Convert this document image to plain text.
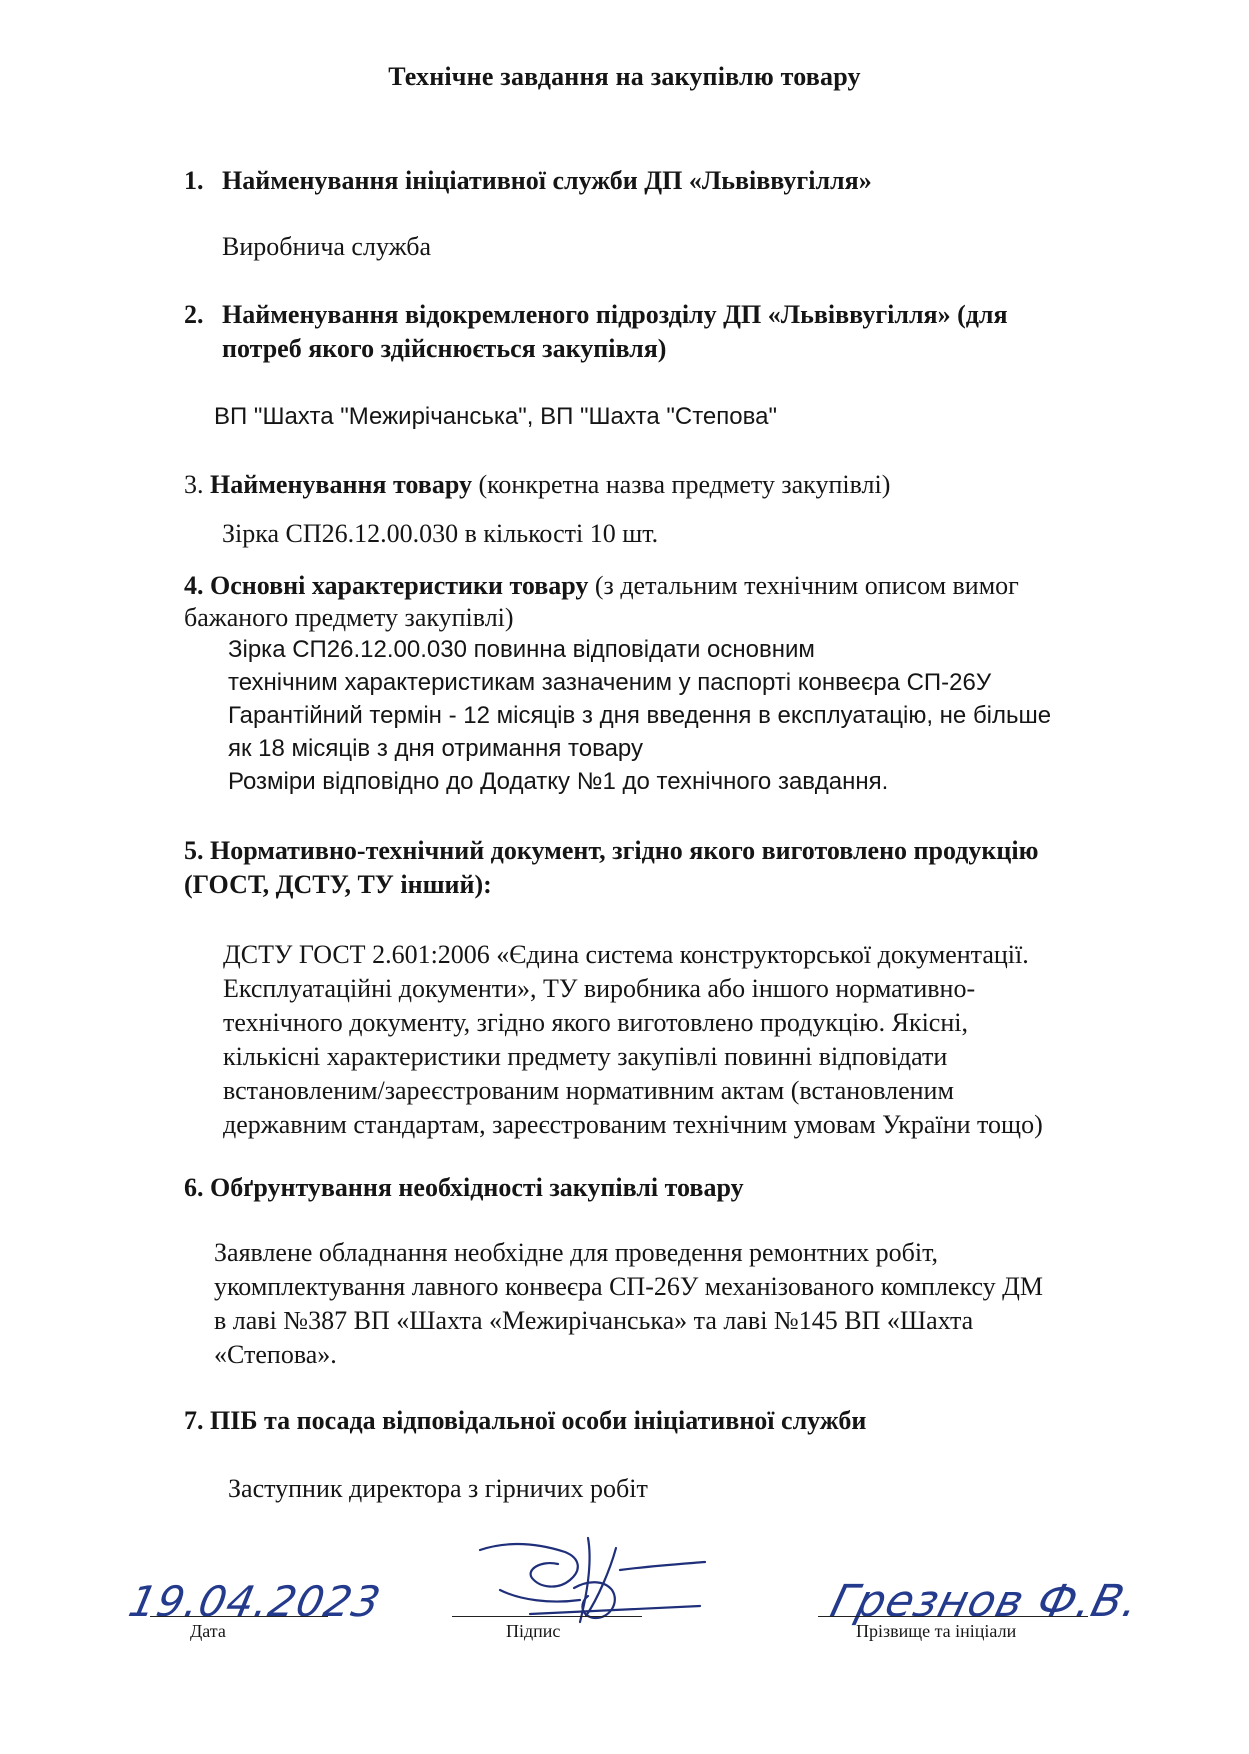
Технічне завдання на закупівлю товару
1. Найменування ініціативної служби ДП «Львіввугілля»
Виробнича служба
2. Найменування відокремленого підрозділу ДП «Львіввугілля» (для
потреб якого здійснюється закупівля)
ВП "Шахта "Межирічанська", ВП "Шахта "Степова"
3. Найменування товару (конкретна назва предмету закупівлі)
Зірка СП26.12.00.030 в кількості 10 шт.
4. Основні характеристики товару (з детальним технічним описом вимог
бажаного предмету закупівлі)
Зірка СП26.12.00.030 повинна відповідати основним
технічним характеристикам зазначеним у паспорті конвеєра СП-26У
Гарантійний термін - 12 місяців з дня введення в експлуатацію, не більше
як 18 місяців з дня отримання товару
Розміри відповідно до Додатку №1 до технічного завдання.
5. Нормативно-технічний документ, згідно якого виготовлено продукцію
(ГОСТ, ДСТУ, ТУ інший):
ДСТУ ГОСТ 2.601:2006 «Єдина система конструкторської документації.
Експлуатаційні документи», ТУ виробника або іншого нормативно-
технічного документу, згідно якого виготовлено продукцію. Якісні,
кількісні характеристики предмету закупівлі повинні відповідати
встановленим/зареєстрованим нормативним актам (встановленим
державним стандартам, зареєстрованим технічним умовам України тощо)
6. Обґрунтування необхідності закупівлі товару
Заявлене обладнання необхідне для проведення ремонтних робіт,
укомплектування лавного конвеєра СП-26У механізованого комплексу ДМ
в лаві №387 ВП «Шахта «Межирічанська» та лаві №145 ВП «Шахта
«Степова».
7. ПІБ та посада відповідальної особи ініціативної служби
Заступник директора з гірничих робіт
19.04.2023	Грезнов Ф.В.
Дата	Підпис	Прізвище та ініціали
